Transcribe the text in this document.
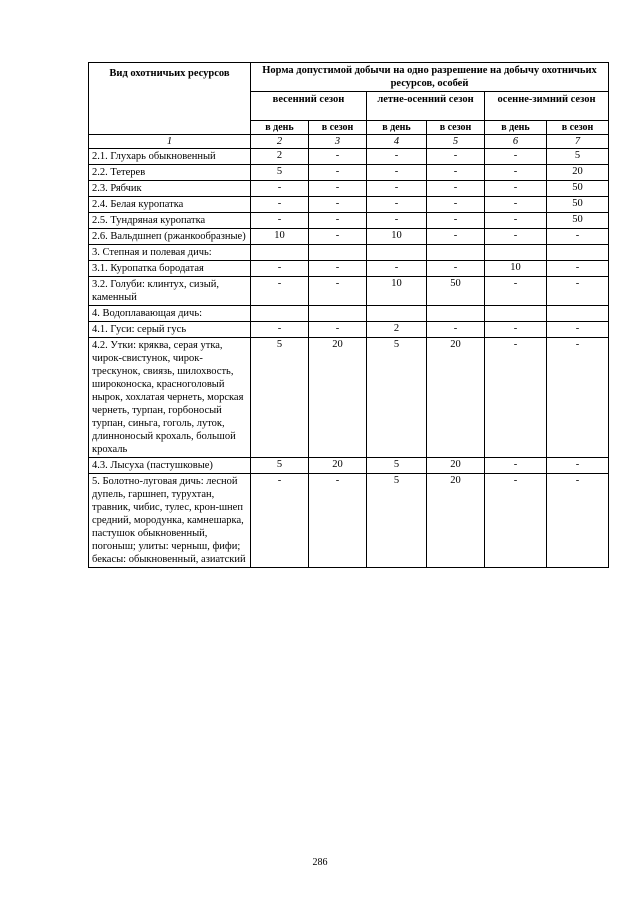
Вид охотничьих ресурсов	Норма допустимой добычи на одно разрешение на добычу охотничьих ресурсов, особей					
	весенний сезон		летне-осенний сезон		осенне-зимний сезон	
	в день	в сезон	в день	в сезон	в день	в сезон
1	2	3	4	5	6	7
2.1. Глухарь обыкновенный	2	-	-	-	-	5
2.2. Тетерев	5	-	-	-	-	20
2.3. Рябчик	-	-	-	-	-	50
2.4. Белая куропатка	-	-	-	-	-	50
2.5. Тундряная куропатка	-	-	-	-	-	50
2.6. Вальдшнеп (ржанкообразные)	10	-	10	-	-	-
3. Степная и полевая дичь:						
3.1. Куропатка бородатая	-	-	-	-	10	-
3.2. Голуби: клинтух, сизый, каменный	-	-	10	50	-	-
4. Водоплавающая дичь:						
4.1. Гуси: серый гусь	-	-	2	-	-	-
4.2. Утки: кряква, серая утка, чирок-свистунок, чирок-трескунок, свиязь, шилохвость, широконоска, красноголовый нырок, хохлатая чернеть, морская чернеть, турпан, горбоносый турпан, синьга, гоголь, луток, длинноносый крохаль, большой крохаль	5	20	5	20	-	-
4.3. Лысуха (пастушковые)	5	20	5	20	-	-
5. Болотно-луговая дичь: лесной дупель, гаршнеп, турухтан, травник, чибис, тулес, крон-шнеп средний, мородунка, камнешарка, пастушок обыкновенный, погоныш; улиты: черныш, фифи; бекасы: обыкновенный, азиатский	-	-	5	20	-	-
286
